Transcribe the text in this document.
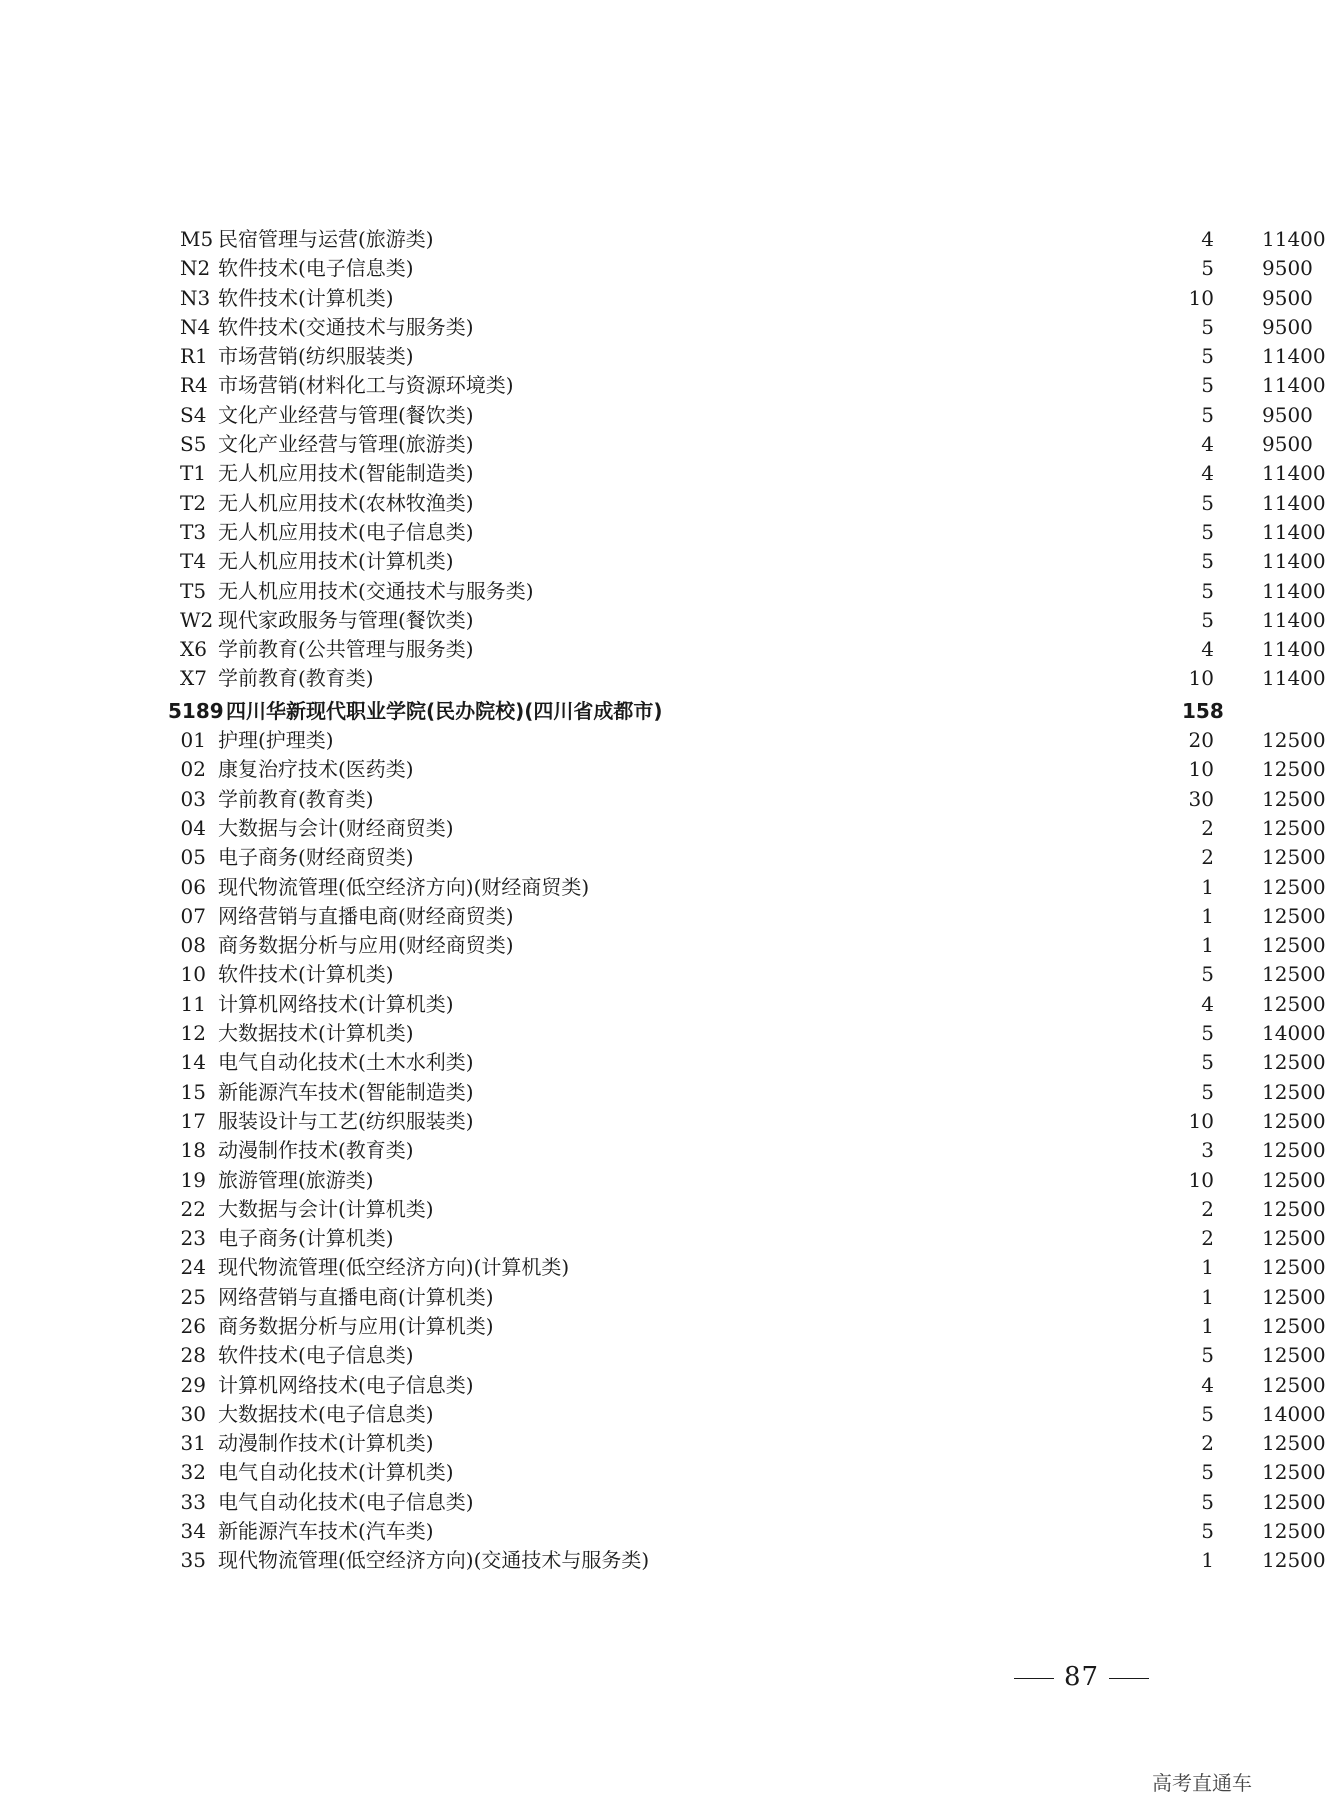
M5 民宿管理与运营(旅游类)	4 11400
N2 软件技术(电子信息类)	5 9500
N3 软件技术(计算机类)	10 9500
N4 软件技术(交通技术与服务类)	5 9500
R1 市场营销(纺织服装类)	5 11400
R4 市场营销(材料化工与资源环境类)	5 11400
S4 文化产业经营与管理(餐饮类)	5 9500
S5 文化产业经营与管理(旅游类)	4 9500
T1 无人机应用技术(智能制造类)	4 11400
T2 无人机应用技术(农林牧渔类)	5 11400
T3 无人机应用技术(电子信息类)	5 11400
T4 无人机应用技术(计算机类)	5 11400
T5 无人机应用技术(交通技术与服务类)	5 11400
W2 现代家政服务与管理(餐饮类)	5 11400
X6 学前教育(公共管理与服务类)	4 11400
X7 学前教育(教育类)	10 11400
5189 四川华新现代职业学院(民办院校)(四川省成都市)	158
01 护理(护理类)	20 12500
02 康复治疗技术(医药类)	10 12500
03 学前教育(教育类)	30 12500
04 大数据与会计(财经商贸类)	2 12500
05 电子商务(财经商贸类)	2 12500
06 现代物流管理(低空经济方向)(财经商贸类)	1 12500
07 网络营销与直播电商(财经商贸类)	1 12500
08 商务数据分析与应用(财经商贸类)	1 12500
10 软件技术(计算机类)	5 12500
11 计算机网络技术(计算机类)	4 12500
12 大数据技术(计算机类)	5 14000
14 电气自动化技术(土木水利类)	5 12500
15 新能源汽车技术(智能制造类)	5 12500
17 服装设计与工艺(纺织服装类)	10 12500
18 动漫制作技术(教育类)	3 12500
19 旅游管理(旅游类)	10 12500
22 大数据与会计(计算机类)	2 12500
23 电子商务(计算机类)	2 12500
24 现代物流管理(低空经济方向)(计算机类)	1 12500
25 网络营销与直播电商(计算机类)	1 12500
26 商务数据分析与应用(计算机类)	1 12500
28 软件技术(电子信息类)	5 12500
29 计算机网络技术(电子信息类)	4 12500
30 大数据技术(电子信息类)	5 14000
31 动漫制作技术(计算机类)	2 12500
32 电气自动化技术(计算机类)	5 12500
33 电气自动化技术(电子信息类)	5 12500
34 新能源汽车技术(汽车类)	5 12500
35 现代物流管理(低空经济方向)(交通技术与服务类)	1 12500
87
高考直通车
